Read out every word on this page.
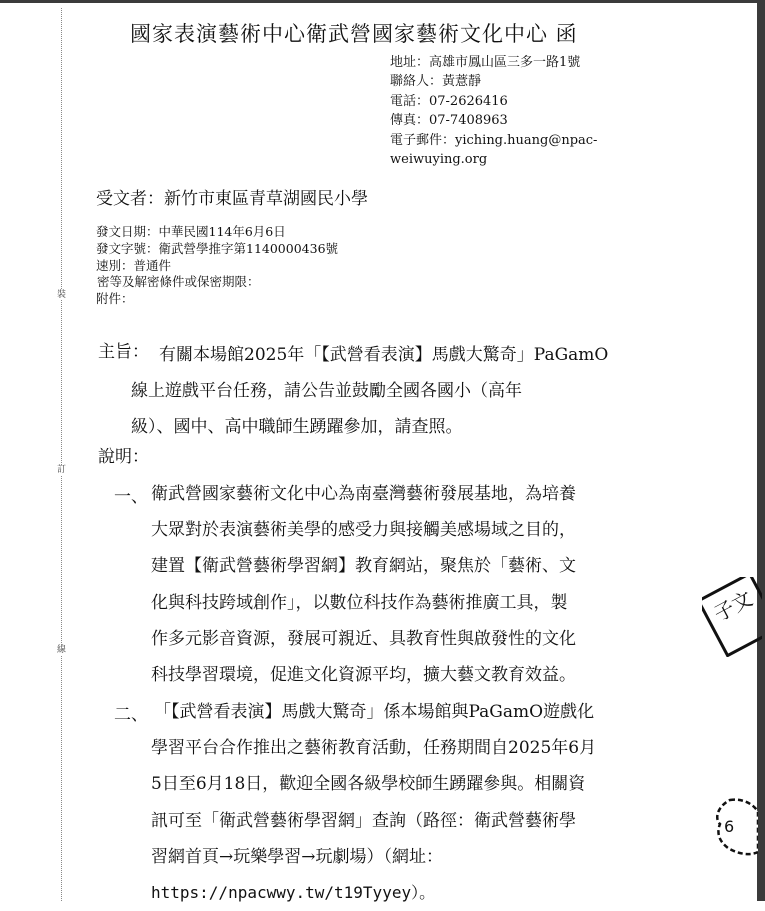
裝
訂
線
國家表演藝術中心衛武營國家藝術文化中心 函
地址：高雄市鳳山區三多一路1號
聯絡人：黃薏靜
電話：07-2626416
傳真：07-7408963
電子郵件：yiching.huang@npac-
weiwuying.org
受文者：新竹市東區青草湖國民小學
發文日期：中華民國114年6月6日
發文字號：衛武營學推字第1140000436號
速別：普通件
密等及解密條件或保密期限：
附件：
主旨： 有關本場館2025年「【武營看表演】馬戲大驚奇」PaGamO
線上遊戲平台任務，請公告並鼓勵全國各國小（高年
級）、國中、高中職師生踴躍參加，請查照。
說明：
一、 衛武營國家藝術文化中心為南臺灣藝術發展基地，為培養
大眾對於表演藝術美學的感受力與接觸美感場域之目的，
建置【衛武營藝術學習網】教育網站，聚焦於「藝術、文
化與科技跨域創作」，以數位科技作為藝術推廣工具，製
作多元影音資源，發展可親近、具教育性與啟發性的文化
科技學習環境，促進文化資源平均，擴大藝文教育效益。
二、 「【武營看表演】馬戲大驚奇」係本場館與PaGamO遊戲化
學習平台合作推出之藝術教育活動，任務期間自2025年6月
5日至6月18日，歡迎全國各級學校師生踴躍參與。相關資
訊可至「衛武營藝術學習網」查詢（路徑：衛武營藝術學
習網首頁→玩樂學習→玩劇場）（網址：
https://npacwwy.tw/t19Tyyey）。
子文
6
